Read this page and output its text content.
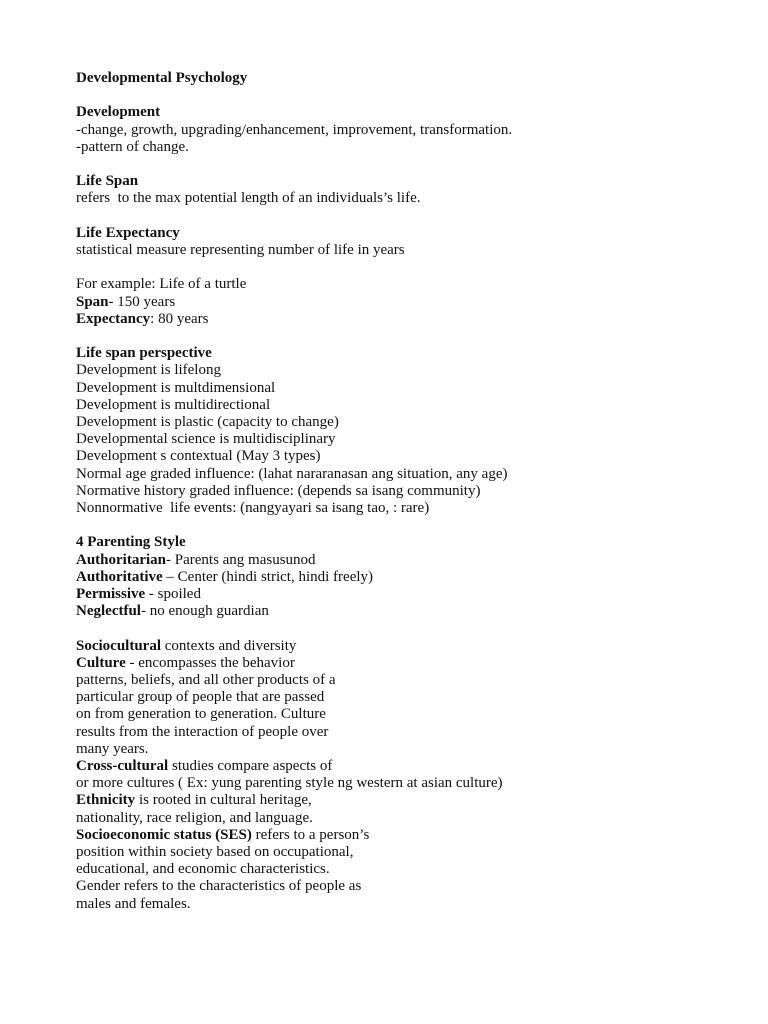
Developmental Psychology
Development
-change, growth, upgrading/enhancement, improvement, transformation.
-pattern of change.
Life Span
refers  to the max potential length of an individuals’s life.
Life Expectancy
statistical measure representing number of life in years
For example: Life of a turtle
Span- 150 years
Expectancy: 80 years
Life span perspective
Development is lifelong
Development is multdimensional
Development is multidirectional
Development is plastic (capacity to change)
Developmental science is multidisciplinary
Development s contextual (May 3 types)
Normal age graded influence: (lahat nararanasan ang situation, any age)
Normative history graded influence: (depends sa isang community)
Nonnormative  life events: (nangyayari sa isang tao, : rare)
4 Parenting Style
Authoritarian- Parents ang masusunod
Authoritative – Center (hindi strict, hindi freely)
Permissive - spoiled
Neglectful- no enough guardian
Sociocultural contexts and diversity
Culture - encompasses the behavior
patterns, beliefs, and all other products of a
particular group of people that are passed
on from generation to generation. Culture
results from the interaction of people over
many years.
Cross-cultural studies compare aspects of
or more cultures ( Ex: yung parenting style ng western at asian culture)
Ethnicity is rooted in cultural heritage,
nationality, race religion, and language.
Socioeconomic status (SES) refers to a person’s
position within society based on occupational,
educational, and economic characteristics.
Gender refers to the characteristics of people as
males and females.
